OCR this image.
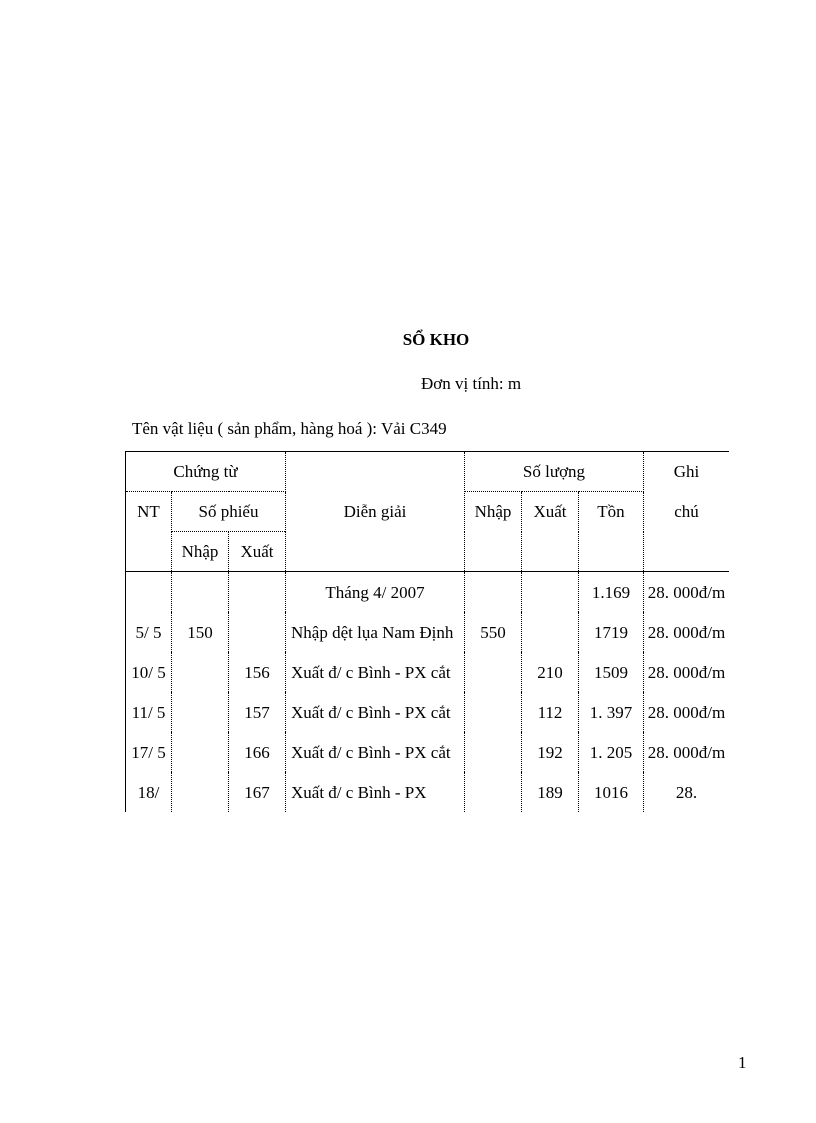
SỔ KHO
Đơn vị tính: m
Tên vật liệu ( sản phẩm, hàng hoá ): Vải C349
Chứng từ			Diễn giải	Số lượng			Ghi
NT	Số phiếu			Nhập	Xuất	Tồn	chú
	Nhập	Xuất					
			Tháng 4/ 2007			1.169	28. 000đ/m
5/ 5	150		Nhập dệt lụa Nam Định	550		1719	28. 000đ/m
10/ 5		156	Xuất đ/ c Bình - PX cắt		210	1509	28. 000đ/m
11/ 5		157	Xuất đ/ c Bình - PX cắt		112	1. 397	28. 000đ/m
17/ 5		166	Xuất đ/ c Bình - PX cắt		192	1. 205	28. 000đ/m
18/		167	Xuất đ/ c Bình - PX		189	1016	28.
1
